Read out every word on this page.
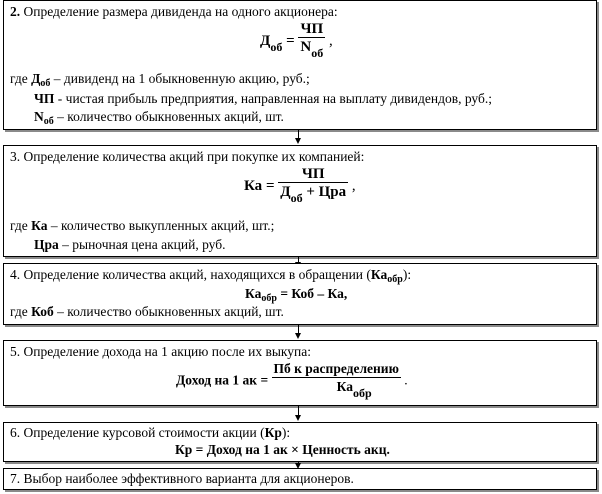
2. Определение размера дивиденда на одного акционера:
$Д_{об} = \frac{ЧП}{N_{об}}$ ,
где $Д_{об}$ – дивиденд на 1 обыкновенную акцию, руб.;
ЧП - чистая прибыль предприятия, направленная на выплату дивидендов, руб.;
$N_{об}$ – количество обыкновенных акций, шт.
3. Определение количества акций при покупке их компанией:
Ка = $\frac{ЧП}{Д_{об} + Цра}$ ,
где Ка – количество выкупленных акций, шт.;
Цра – рыночная цена акций, руб.
4. Определение количества акций, находящихся в обращении $(Ка_{обр})$:
$Ка_{обр}$ = Коб – Ка,
где Коб – количество обыкновенных акций, шт.
5. Определение дохода на 1 акцию после их выкупа:
Доход на 1 ак = $\frac{\text{Пб к распределению}}{Ка_{обр}}$ .
6. Определение курсовой стоимости акции (Кр):
Кр = Доход на 1 ак × Ценность акц.
7. Выбор наиболее эффективного варианта для акционеров.
